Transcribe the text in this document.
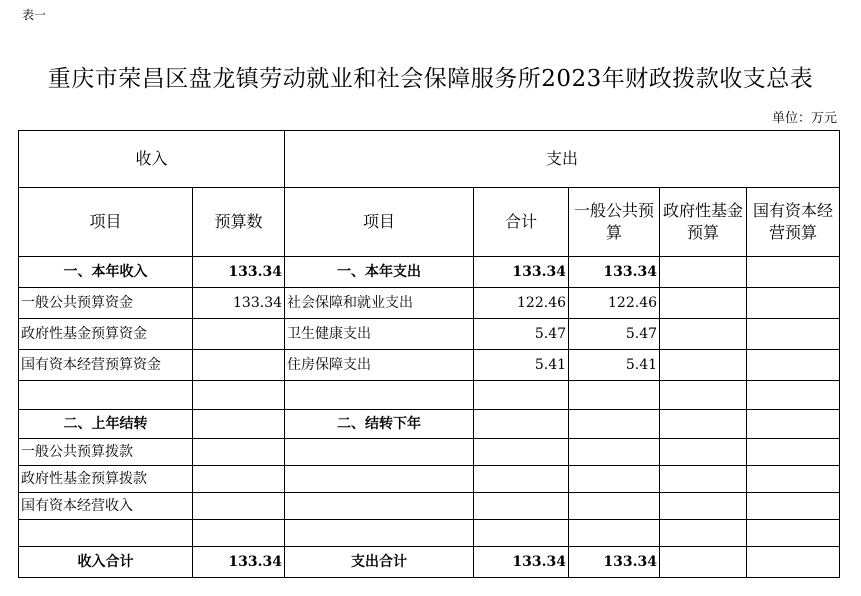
表一
重庆市荣昌区盘龙镇劳动就业和社会保障服务所2023年财政拨款收支总表
单位：万元
收入		支出				
项目	预算数	项目	合计	一般公共预算	政府性基金预算	国有资本经营预算
一、本年收入	133.34	一、本年支出	133.34	133.34		
一般公共预算资金	133.34	社会保障和就业支出	122.46	122.46		
政府性基金预算资金		卫生健康支出	5.47	5.47		
国有资本经营预算资金		住房保障支出	5.41	5.41		

二、上年结转		二、结转下年				
一般公共预算拨款						
政府性基金预算拨款						
国有资本经营收入						

收入合计	133.34	支出合计	133.34	133.34		
